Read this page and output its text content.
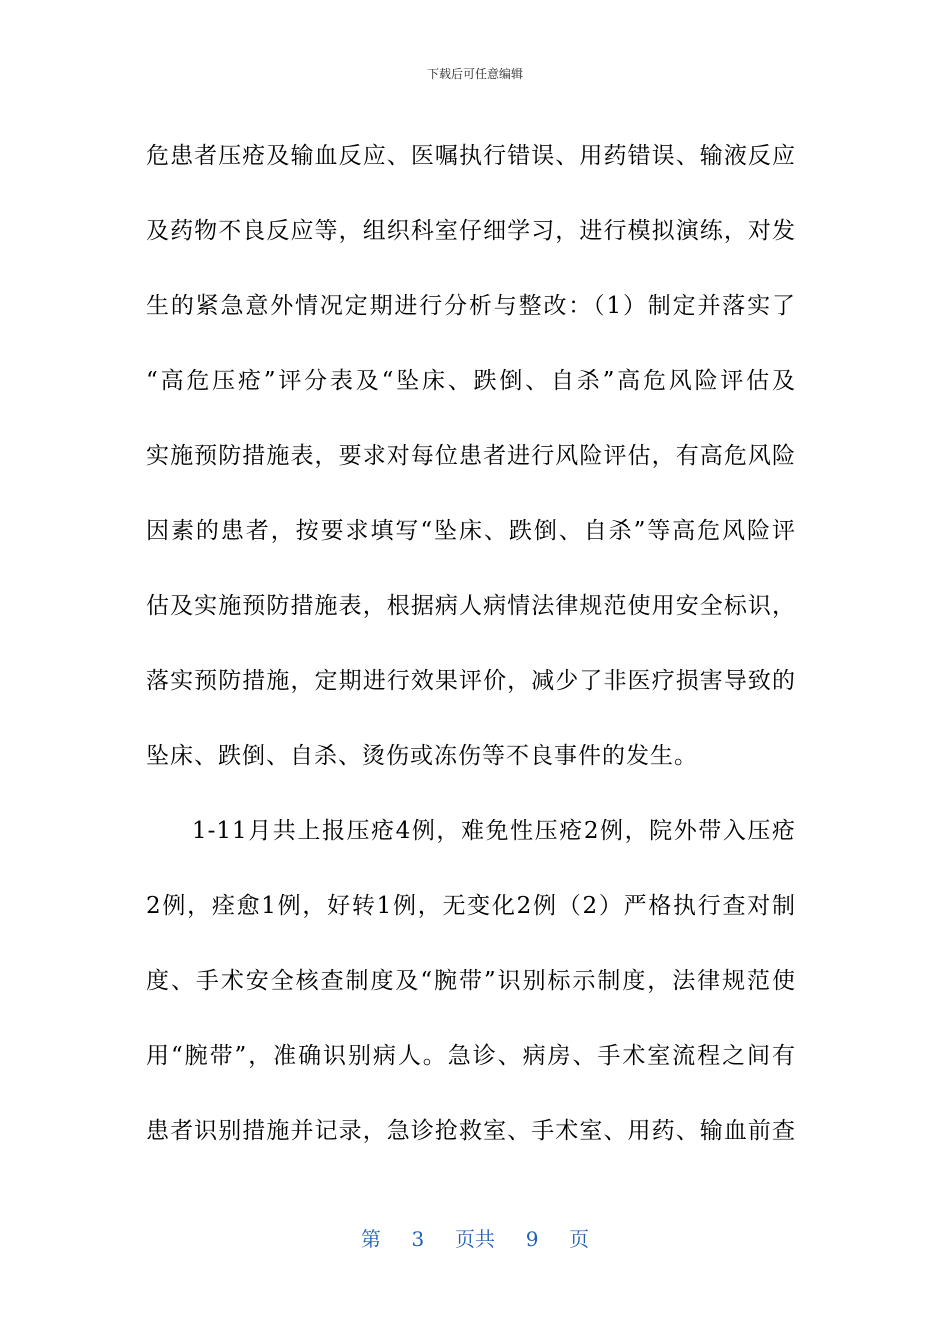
下载后可任意编辑
危患者压疮及输血反应、医嘱执行错误、用药错误、输液反应
及药物不良反应等，组织科室仔细学习，进行模拟演练，对发
生的紧急意外情况定期进行分析与整改：（1）制定并落实了
“高危压疮”评分表及“坠床、跌倒、自杀”高危风险评估及
实施预防措施表，要求对每位患者进行风险评估，有高危风险
因素的患者，按要求填写“坠床、跌倒、自杀”等高危风险评
估及实施预防措施表，根据病人病情法律规范使用安全标识，
落实预防措施，定期进行效果评价，减少了非医疗损害导致的
坠床、跌倒、自杀、烫伤或冻伤等不良事件的发生。
1-11月共上报压疮4例，难免性压疮2例，院外带入压疮
2例，痊愈1例，好转1例，无变化2例（2）严格执行查对制
度、手术安全核查制度及“腕带”识别标示制度，法律规范使
用“腕带”，准确识别病人。急诊、病房、手术室流程之间有
患者识别措施并记录，急诊抢救室、手术室、用药、输血前查
第 3 页共 9 页
